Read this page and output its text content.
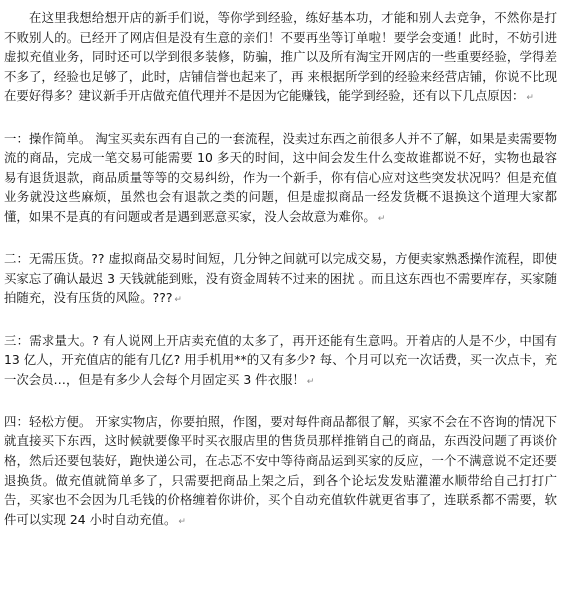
在这里我想给想开店的新手们说，等你学到经验，练好基本功，才能和别人去竞争，不然你是打不败别人的。已经开了网店但是没有生意的亲们！不要再坐等订单啦！要学会变通！此时，不妨引进虚拟充值业务，同时还可以学到很多装修，防骗，推广以及所有淘宝开网店的一些重要经验，学得差不多了，经验也足够了，此时，店铺信誉也起来了，再 来根据所学到的经验来经营店铺，你说不比现在要好得多？建议新手开店做充值代理并不是因为它能赚钱，能学到经验，还有以下几点原因： ↵

一：操作简单。 淘宝买卖东西有自己的一套流程，没卖过东西之前很多人并不了解，如果是卖需要物流的商品，完成一笔交易可能需要 10 多天的时间，这中间会发生什么变故谁都说不好，实物也最容易有退货退款，商品质量等等的交易纠纷，作为一个新手，你有信心应对这些突发状况吗？但是充值业务就没这些麻烦，虽然也会有退款之类的问题，但是虚拟商品一经发货概不退换这个道理大家都懂，如果不是真的有问题或者是遇到恶意买家，没人会故意为难你。 ↵

二：无需压货。?? 虚拟商品交易时间短，几分钟之间就可以完成交易，方便卖家熟悉操作流程，即使买家忘了确认最迟 3 天钱就能到账，没有资金周转不过来的困扰 。而且这东西也不需要库存，买家随拍随充，没有压货的风险。??? ↵

三：需求量大。? 有人说网上开店卖充值的太多了，再开还能有生意吗。开着店的人是不少，中国有 13 亿人，开充值店的能有几亿? 用手机用**的又有多少? 每、个月可以充一次话费，买一次点卡，充一次会员…，但是有多少人会每个月固定买 3 件衣服！ ↵

四：轻松方便。 开家实物店，你要拍照，作图，要对每件商品都很了解，买家不会在不咨询的情况下就直接买下东西，这时候就要像平时买衣服店里的售货员那样推销自己的商品，东西没问题了再谈价格，然后还要包装好，跑快递公司，在忐忑不安中等待商品运到买家的反应，一个不满意说不定还要退换货。做充值就简单多了，只需要把商品上架之后，到各个论坛发发贴灌灌水顺带给自己打打广告，买家也不会因为几毛钱的价格缠着你讲价，买个自动充值软件就更省事了，连联系都不需要，软件可以实现 24 小时自动充值。 ↵
